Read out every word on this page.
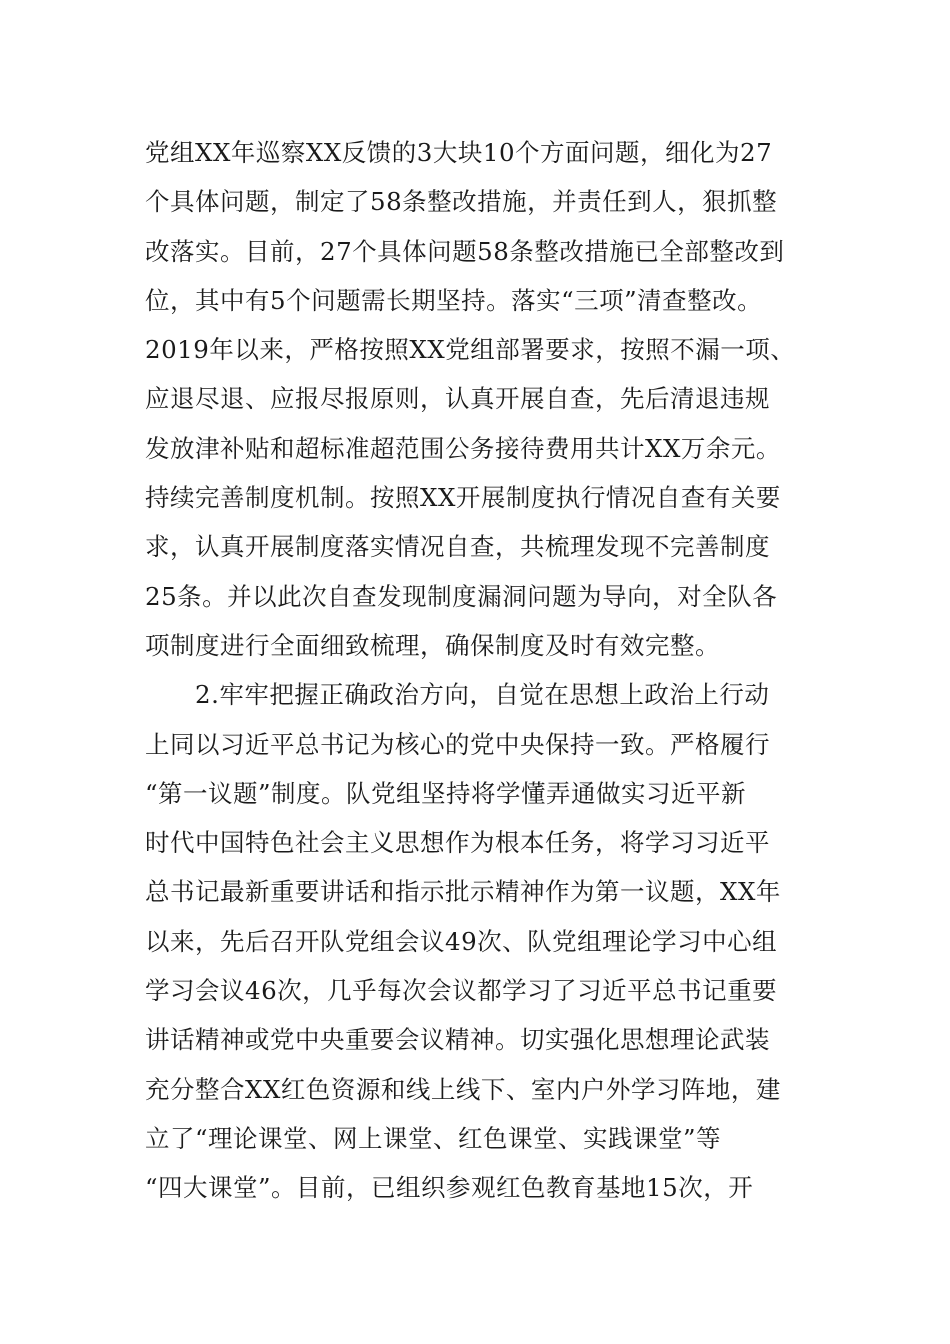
党组XX年巡察XX反馈的3大块10个方面问题，细化为27
个具体问题，制定了58条整改措施，并责任到人，狠抓整
改落实。目前，27个具体问题58条整改措施已全部整改到
位，其中有5个问题需长期坚持。落实“三项”清查整改。
2019年以来，严格按照XX党组部署要求，按照不漏一项、
应退尽退、应报尽报原则，认真开展自查，先后清退违规
发放津补贴和超标准超范围公务接待费用共计XX万余元。
持续完善制度机制。按照XX开展制度执行情况自查有关要
求，认真开展制度落实情况自查，共梳理发现不完善制度
25条。并以此次自查发现制度漏洞问题为导向，对全队各
项制度进行全面细致梳理，确保制度及时有效完整。
2.牢牢把握正确政治方向，自觉在思想上政治上行动
上同以习近平总书记为核心的党中央保持一致。严格履行
“第一议题”制度。队党组坚持将学懂弄通做实习近平新
时代中国特色社会主义思想作为根本任务，将学习习近平
总书记最新重要讲话和指示批示精神作为第一议题，XX年
以来，先后召开队党组会议49次、队党组理论学习中心组
学习会议46次，几乎每次会议都学习了习近平总书记重要
讲话精神或党中央重要会议精神。切实强化思想理论武装
充分整合XX红色资源和线上线下、室内户外学习阵地，建
立了“理论课堂、网上课堂、红色课堂、实践课堂”等
“四大课堂”。目前，已组织参观红色教育基地15次，开
